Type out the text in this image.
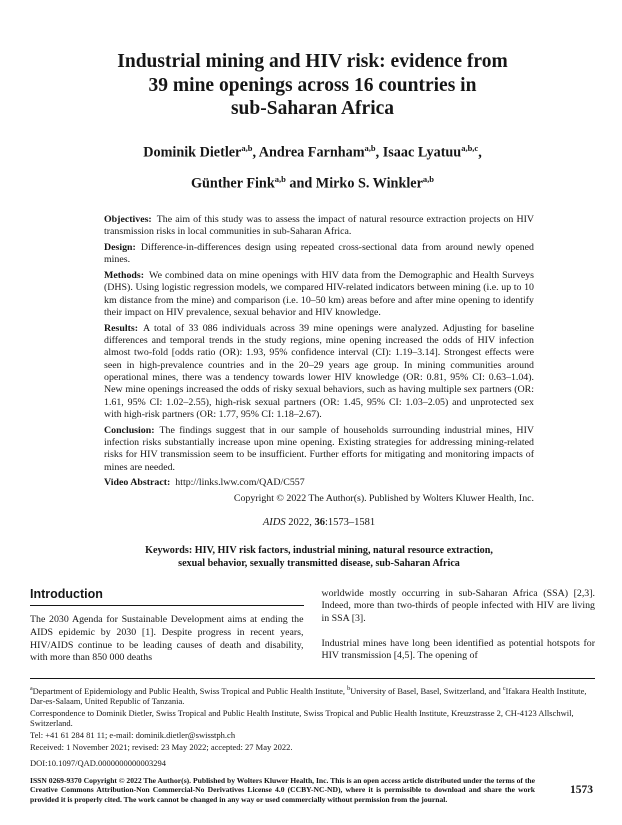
Industrial mining and HIV risk: evidence from
39 mine openings across 16 countries in
sub-Saharan Africa
Dominik Dietler$^{a,b}$, Andrea Farnham$^{a,b}$, Isaac Lyatuu$^{a,b,c}$,
Günther Fink$^{a,b}$ and Mirko S. Winkler$^{a,b}$

Objectives: The aim of this study was to assess the impact of natural resource extraction projects on HIV transmission risks in local communities in sub-Saharan Africa.

Design: Difference-in-differences design using repeated cross-sectional data from around newly opened mines.

Methods: We combined data on mine openings with HIV data from the Demographic and Health Surveys (DHS). Using logistic regression models, we compared HIV-related indicators between mining (i.e. up to 10 km distance from the mine) and comparison (i.e. 10–50 km) areas before and after mine opening to identify their impact on HIV prevalence, sexual behavior and HIV knowledge.

Results: A total of 33 086 individuals across 39 mine openings were analyzed. Adjusting for baseline differences and temporal trends in the study regions, mine opening increased the odds of HIV infection almost two-fold [odds ratio (OR): 1.93, 95% confidence interval (CI): 1.19–3.14]. Strongest effects were seen in high-prevalence countries and in the 20–29 years age group. In mining communities around operational mines, there was a tendency towards lower HIV knowledge (OR: 0.81, 95% CI: 0.63–1.04). New mine openings increased the odds of risky sexual behaviors, such as having multiple sex partners (OR: 1.61, 95% CI: 1.02–2.55), high-risk sexual partners (OR: 1.45, 95% CI: 1.03–2.05) and unprotected sex with high-risk partners (OR: 1.77, 95% CI: 1.18–2.67).

Conclusion: The findings suggest that in our sample of households surrounding industrial mines, HIV infection risks substantially increase upon mine opening. Existing strategies for addressing mining-related risks for HIV transmission seem to be insufficient. Further efforts for mitigating and monitoring impacts of mines are needed.

Video Abstract: http://links.lww.com/QAD/C557

Copyright © 2022 The Author(s). Published by Wolters Kluwer Health, Inc.

AIDS 2022, 36:1573–1581

Keywords: HIV, HIV risk factors, industrial mining, natural resource extraction,
sexual behavior, sexually transmitted disease, sub-Saharan Africa

Introduction

The 2030 Agenda for Sustainable Development aims at ending the AIDS epidemic by 2030 [1]. Despite progress in recent years, HIV/AIDS continue to be leading causes of death and disability, with more than 850 000 deaths

worldwide mostly occurring in sub-Saharan Africa (SSA) [2,3]. Indeed, more than two-thirds of people infected with HIV are living in SSA [3].

Industrial mines have long been identified as potential hotspots for HIV transmission [4,5]. The opening of

$^a$Department of Epidemiology and Public Health, Swiss Tropical and Public Health Institute, $^b$University of Basel, Basel, Switzerland, and $^c$Ifakara Health Institute, Dar-es-Salaam, United Republic of Tanzania.

Correspondence to Dominik Dietler, Swiss Tropical and Public Health Institute, Swiss Tropical and Public Health Institute, Kreuzstrasse 2, CH-4123 Allschwil, Switzerland.

Tel: +41 61 284 81 11; e-mail: dominik.dietler@swisstph.ch

Received: 1 November 2021; revised: 23 May 2022; accepted: 27 May 2022.

DOI:10.1097/QAD.0000000000003294

ISSN 0269-9370 Copyright © 2022 The Author(s). Published by Wolters Kluwer Health, Inc. This is an open access article distributed under the terms of the Creative Commons Attribution-Non Commercial-No Derivatives License 4.0 (CCBY-NC-ND), where it is permissible to download and share the work provided it is properly cited. The work cannot be changed in any way or used commercially without permission from the journal.

1573
